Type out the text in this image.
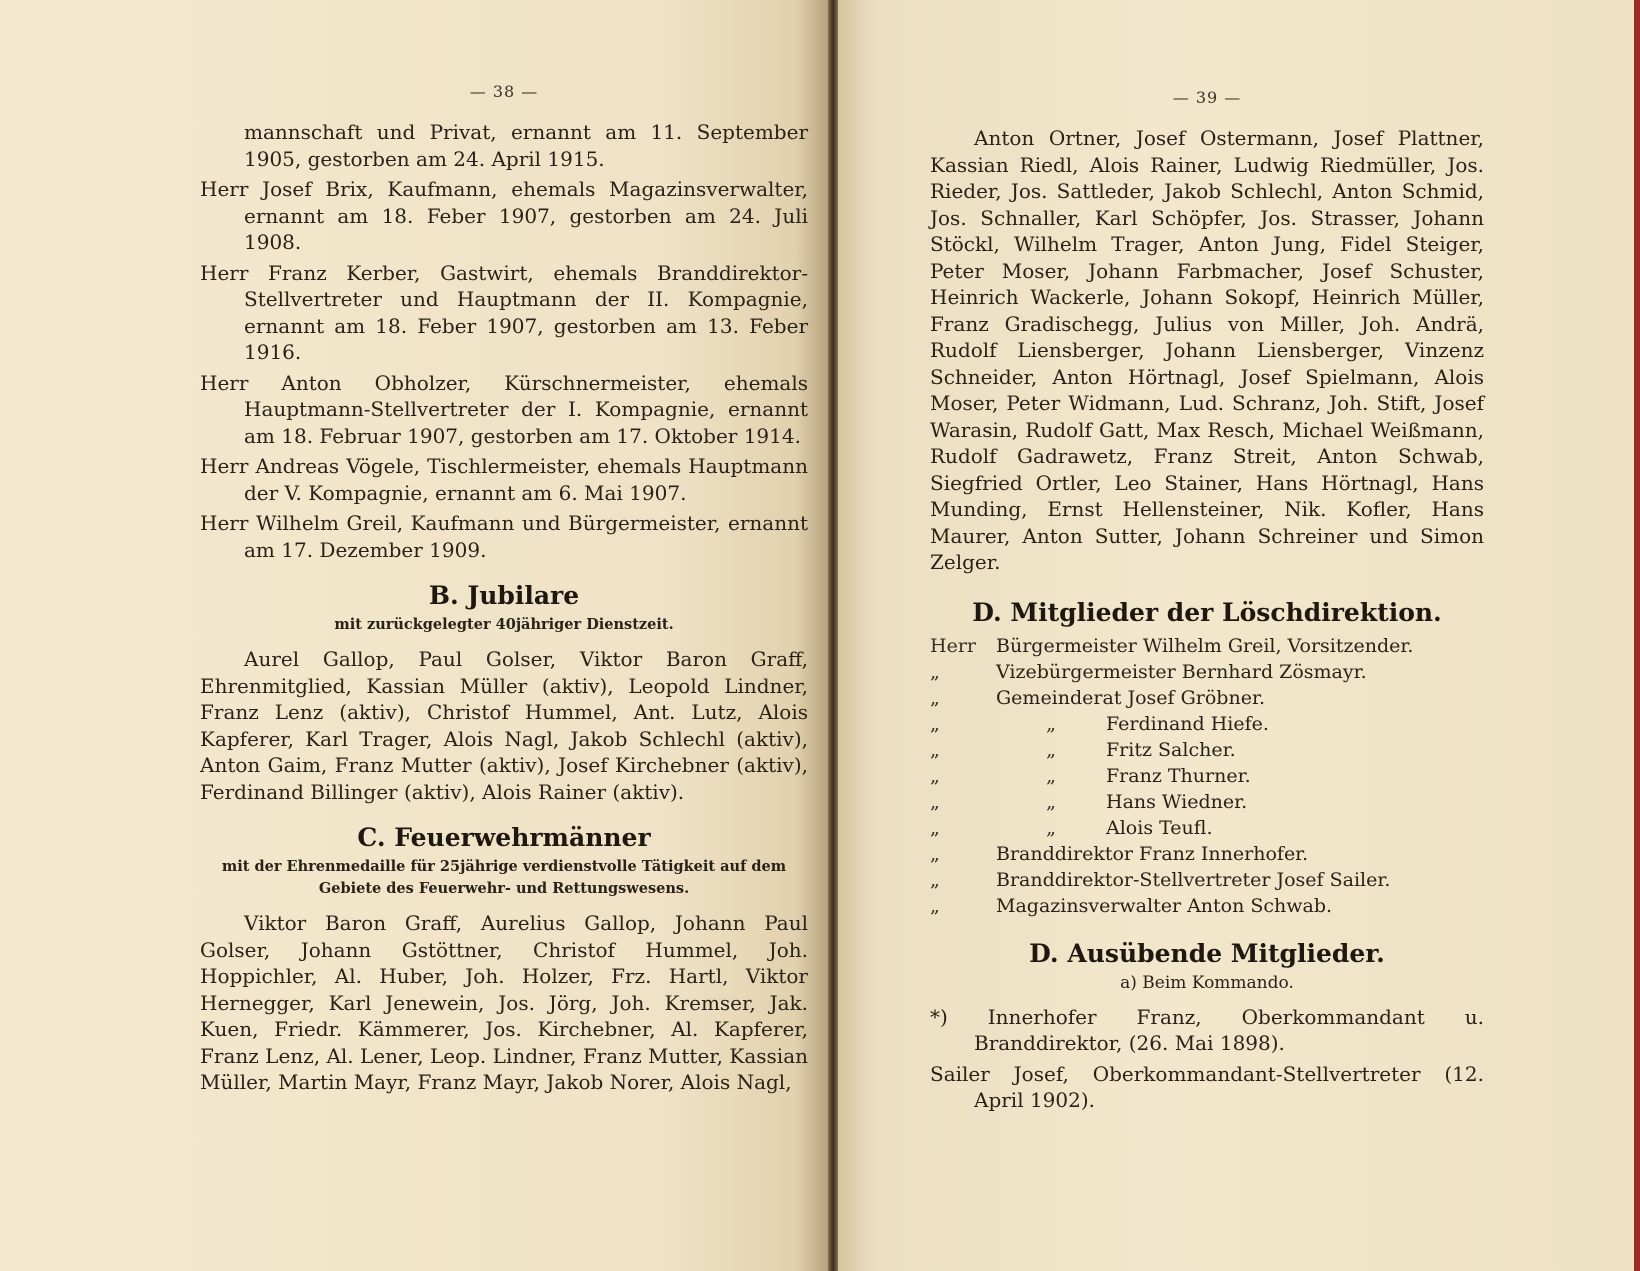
— 38 —

mannschaft und Privat, ernannt am 11. September 1905, gestorben am 24. April 1915.

Herr Josef Brix, Kaufmann, ehemals Magazinsverwalter, ernannt am 18. Feber 1907, gestorben am 24. Juli 1908.

Herr Franz Kerber, Gastwirt, ehemals Branddirektor-Stellvertreter und Hauptmann der II. Kompagnie, ernannt am 18. Feber 1907, gestorben am 13. Feber 1916.

Herr Anton Obholzer, Kürschnermeister, ehemals Hauptmann-Stellvertreter der I. Kompagnie, ernannt am 18. Februar 1907, gestorben am 17. Oktober 1914.

Herr Andreas Vögele, Tischlermeister, ehemals Hauptmann der V. Kompagnie, ernannt am 6. Mai 1907.

Herr Wilhelm Greil, Kaufmann und Bürgermeister, ernannt am 17. Dezember 1909.

B. Jubilare
mit zurückgelegter 40jähriger Dienstzeit.

Aurel Gallop, Paul Golser, Viktor Baron Graff, Ehrenmitglied, Kassian Müller (aktiv), Leopold Lindner, Franz Lenz (aktiv), Christof Hummel, Ant. Lutz, Alois Kapferer, Karl Trager, Alois Nagl, Jakob Schlechl (aktiv), Anton Gaim, Franz Mutter (aktiv), Josef Kirchebner (aktiv), Ferdinand Billinger (aktiv), Alois Rainer (aktiv).

C. Feuerwehrmänner
mit der Ehrenmedaille für 25jährige verdienstvolle Tätigkeit auf dem Gebiete des Feuerwehr- und Rettungswesens.

Viktor Baron Graff, Aurelius Gallop, Johann Paul Golser, Johann Gstöttner, Christof Hummel, Joh. Hoppichler, Al. Huber, Joh. Holzer, Frz. Hartl, Viktor Hernegger, Karl Jenewein, Jos. Jörg, Joh. Kremser, Jak. Kuen, Friedr. Kämmerer, Jos. Kirchebner, Al. Kapferer, Franz Lenz, Al. Lener, Leop. Lindner, Franz Mutter, Kassian Müller, Martin Mayr, Franz Mayr, Jakob Norer, Alois Nagl,

— 39 —

Anton Ortner, Josef Ostermann, Josef Plattner, Kassian Riedl, Alois Rainer, Ludwig Riedmüller, Jos. Rieder, Jos. Sattleder, Jakob Schlechl, Anton Schmid, Jos. Schnaller, Karl Schöpfer, Jos. Strasser, Johann Stöckl, Wilhelm Trager, Anton Jung, Fidel Steiger, Peter Moser, Johann Farbmacher, Josef Schuster, Heinrich Wackerle, Johann Sokopf, Heinrich Müller, Franz Gradischegg, Julius von Miller, Joh. Andrä, Rudolf Liensberger, Johann Liensberger, Vinzenz Schneider, Anton Hörtnagl, Josef Spielmann, Alois Moser, Peter Widmann, Lud. Schranz, Joh. Stift, Josef Warasin, Rudolf Gatt, Max Resch, Michael Weißmann, Rudolf Gadrawetz, Franz Streit, Anton Schwab, Siegfried Ortler, Leo Stainer, Hans Hörtnagl, Hans Munding, Ernst Hellensteiner, Nik. Kofler, Hans Maurer, Anton Sutter, Johann Schreiner und Simon Zelger.

D. Mitglieder der Löschdirektion.
Herr	Bürgermeister Wilhelm Greil, Vorsitzender.
„	Vizebürgermeister Bernhard Zösmayr.
„	Gemeinderat Josef Gröbner.
„	„	Ferdinand Hiefe.
„	„	Fritz Salcher.
„	„	Franz Thurner.
„	„	Hans Wiedner.
„	„	Alois Teufl.
„	Branddirektor Franz Innerhofer.
„	Branddirektor-Stellvertreter Josef Sailer.
„	Magazinsverwalter Anton Schwab.
D. Ausübende Mitglieder.
a) Beim Kommando.

*) Innerhofer Franz, Oberkommandant u. Branddirektor, (26. Mai 1898).

Sailer Josef, Oberkommandant-Stellvertreter (12. April 1902).
